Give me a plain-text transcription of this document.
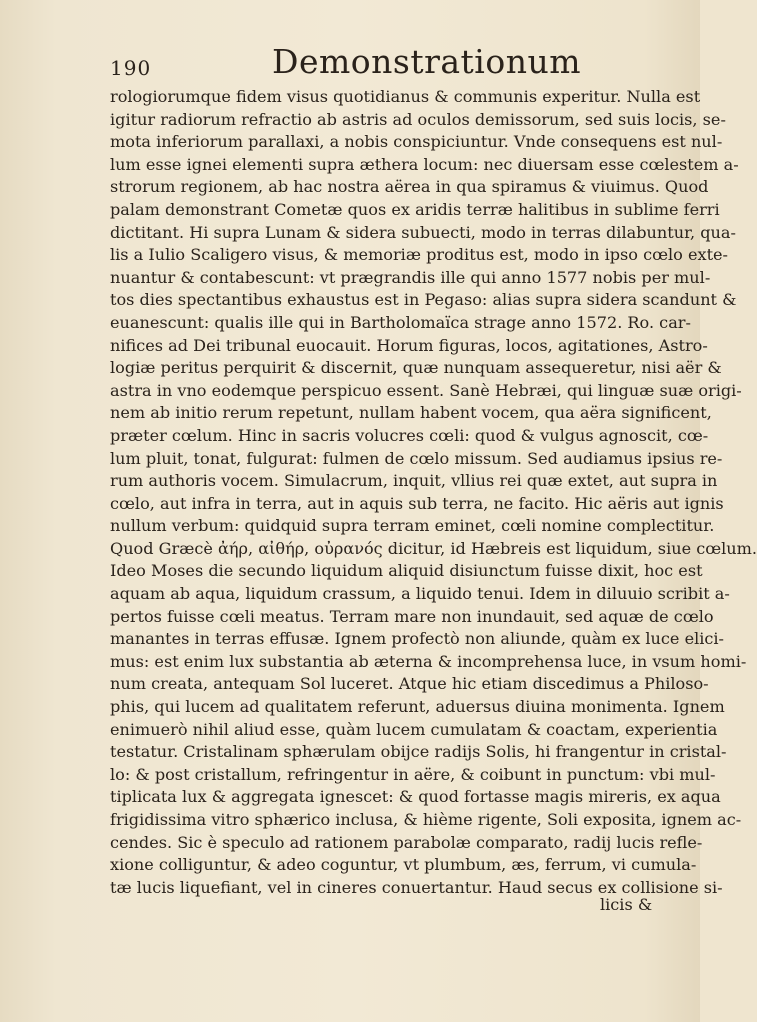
190	Demonstrationum
rologiorumque fidem visus quotidianus & communis experitur. Nulla est
igitur radiorum refractio ab astris ad oculos demissorum, sed suis locis, se-
mota inferiorum parallaxi, a nobis conspiciuntur. Vnde consequens est nul-
lum esse ignei elementi supra æthera locum: nec diuersam esse cœlestem a-
strorum regionem, ab hac nostra aërea in qua spiramus & viuimus. Quod
palam demonstrant Cometæ quos ex aridis terræ halitibus in sublime ferri
dictitant. Hi supra Lunam & sidera subuecti, modo in terras dilabuntur, qua-
lis a Iulio Scaligero visus, & memoriæ proditus est, modo in ipso cœlo exte-
nuantur & contabescunt: vt prægrandis ille qui anno 1577 nobis per mul-
tos dies spectantibus exhaustus est in Pegaso: alias supra sidera scandunt &
euanescunt: qualis ille qui in Bartholomaïca strage anno 1572. Ro. car-
nifices ad Dei tribunal euocauit. Horum figuras, locos, agitationes, Astro-
logiæ peritus perquirit & discernit, quæ nunquam assequeretur, nisi aër &
astra in vno eodemque perspicuo essent. Sanè Hebræi, qui linguæ suæ origi-
nem ab initio rerum repetunt, nullam habent vocem, qua aëra significent,
præter cœlum. Hinc in sacris volucres cœli: quod & vulgus agnoscit, cœ-
lum pluit, tonat, fulgurat: fulmen de cœlo missum. Sed audiamus ipsius re-
rum authoris vocem. Simulacrum, inquit, vllius rei quæ extet, aut supra in
cœlo, aut infra in terra, aut in aquis sub terra, ne facito. Hic aëris aut ignis
nullum verbum: quidquid supra terram eminet, cœli nomine complectitur.
Quod Græcè ἀήρ, αἰθήρ, οὐρανός dicitur, id Hæbreis est liquidum, siue cœlum.
Ideo Moses die secundo liquidum aliquid disiunctum fuisse dixit, hoc est
aquam ab aqua, liquidum crassum, a liquido tenui. Idem in diluuio scribit a-
pertos fuisse cœli meatus. Terram mare non inundauit, sed aquæ de cœlo
manantes in terras effusæ. Ignem profectò non aliunde, quàm ex luce elici-
mus: est enim lux substantia ab æterna & incomprehensa luce, in vsum homi-
num creata, antequam Sol luceret. Atque hic etiam discedimus a Philoso-
phis, qui lucem ad qualitatem referunt, aduersus diuina monimenta. Ignem
enimuerò nihil aliud esse, quàm lucem cumulatam & coactam, experientia
testatur. Cristalinam sphærulam obijce radijs Solis, hi frangentur in cristal-
lo: & post cristallum, refringentur in aëre, & coibunt in punctum: vbi mul-
tiplicata lux & aggregata ignescet: & quod fortasse magis mireris, ex aqua
frigidissima vitro sphærico inclusa, & hième rigente, Soli exposita, ignem ac-
cendes. Sic è speculo ad rationem parabolæ comparato, radij lucis refle-
xione colliguntur, & adeo coguntur, vt plumbum, æs, ferrum, vi cumula-
tæ lucis liquefiant, vel in cineres conuertantur. Haud secus ex collisione si-
licis &
